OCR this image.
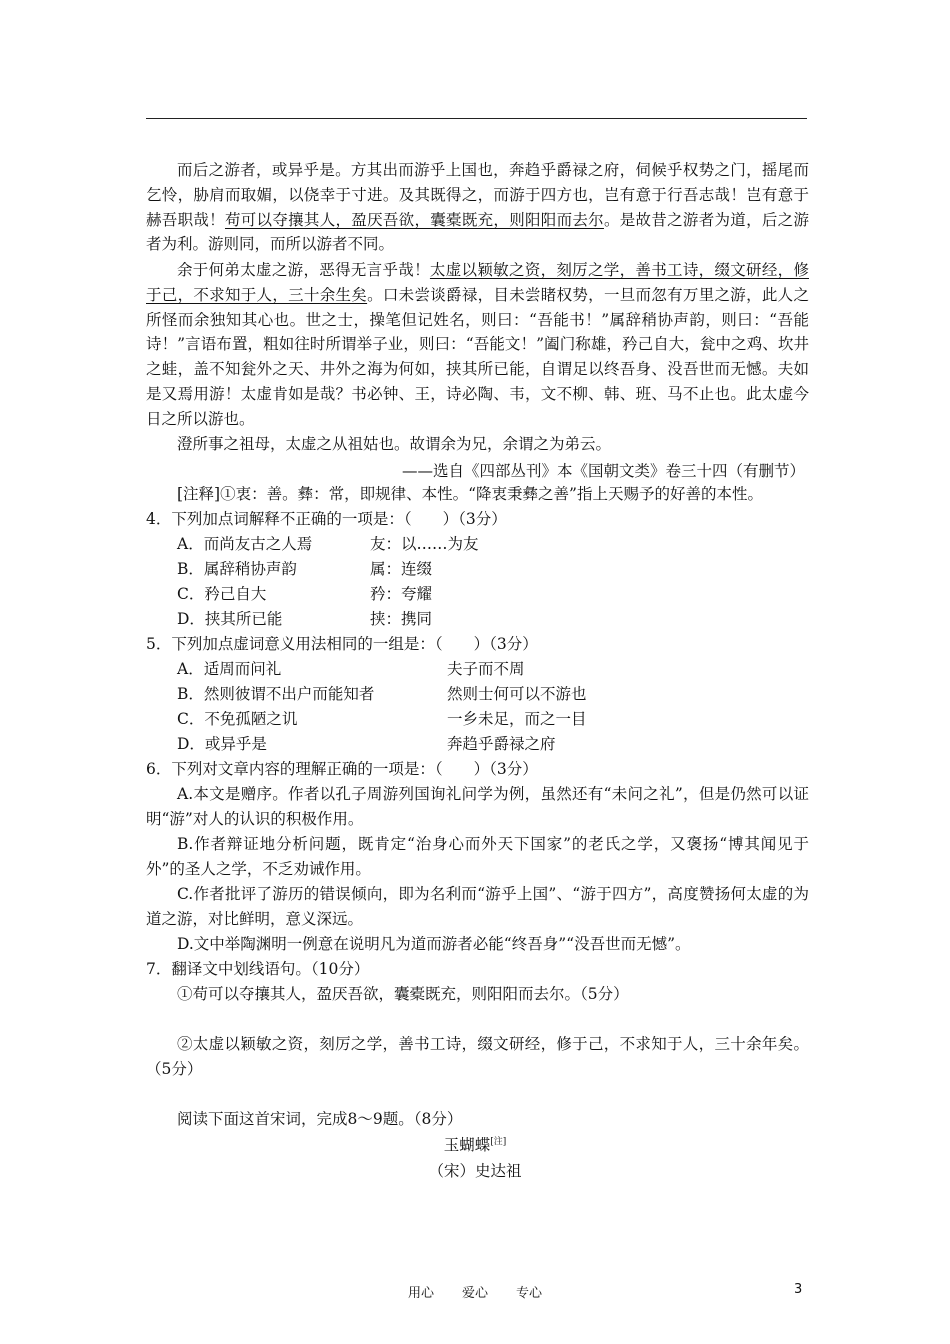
而后之游者，或异乎是。方其出而游乎上国也，奔趋乎爵禄之府，伺候乎权势之门，摇尾而乞怜，胁肩而取媚，以侥幸于寸进。及其既得之，而游于四方也，岂有意于行吾志哉！岂有意于赫吾职哉！苟可以夺攘其人，盈厌吾欲，囊橐既充，则阳阳而去尔。是故昔之游者为道，后之游者为利。游则同，而所以游者不同。

余于何弟太虚之游，恶得无言乎哉！太虚以颖敏之资，刻厉之学，善书工诗，缀文研经，修于己，不求知于人，三十余生矣。口未尝谈爵禄，目未尝睹权势，一旦而忽有万里之游，此人之所怪而余独知其心也。世之士，操笔但记姓名，则曰：“吾能书！”属辞稍协声韵，则曰：“吾能诗！”言语布置，粗如往时所谓举子业，则曰：“吾能文！”阖门称雄，矜己自大，瓮中之鸡、坎井之蛙，盖不知瓮外之天、井外之海为何如，挟其所已能，自谓足以终吾身、没吾世而无憾。夫如是又焉用游！太虚肯如是哉？书必钟、王，诗必陶、韦，文不柳、韩、班、马不止也。此太虚今日之所以游也。

澄所事之祖母，太虚之从祖姑也。故谓余为兄，余谓之为弟云。

——选自《四部丛刊》本《国朝文类》卷三十四（有删节）

[注释]①衷：善。彝：常，即规律、本性。“降衷秉彝之善”指上天赐予的好善的本性。

4．下列加点词解释不正确的一项是：（　　）（3分）

A．而尚友古之人焉	友：以……为友

B．属辞稍协声韵	属：连缀

C．矜己自大	矜：夸耀

D．挟其所已能	挟：携同

5．下列加点虚词意义用法相同的一组是：（　　）（3分）

A．适周而问礼	夫子而不周

B．然则彼谓不出户而能知者	然则士何可以不游也

C．不免孤陋之讥	一乡未足，而之一目

D．或异乎是	奔趋乎爵禄之府

6．下列对文章内容的理解正确的一项是：（　　）（3分）

A.本文是赠序。作者以孔子周游列国询礼问学为例，虽然还有“未问之礼”，但是仍然可以证明“游”对人的认识的积极作用。

B.作者辩证地分析问题，既肯定“治身心而外天下国家”的老氏之学，又褒扬“博其闻见于外”的圣人之学，不乏劝诫作用。

C.作者批评了游历的错误倾向，即为名利而“游乎上国”、“游于四方”，高度赞扬何太虚的为道之游，对比鲜明，意义深远。

D.文中举陶渊明一例意在说明凡为道而游者必能“终吾身”“没吾世而无憾”。

7．翻译文中划线语句。（10分）

①苟可以夺攘其人，盈厌吾欲，囊橐既充，则阳阳而去尔。（5分）

②太虚以颖敏之资，刻厉之学，善书工诗，缀文研经，修于己，不求知于人，三十余年矣。（5分）

阅读下面这首宋词，完成8～9题。（8分）

玉蝴蝶[注]
（宋）史达祖
用心 爱心 专心	3
